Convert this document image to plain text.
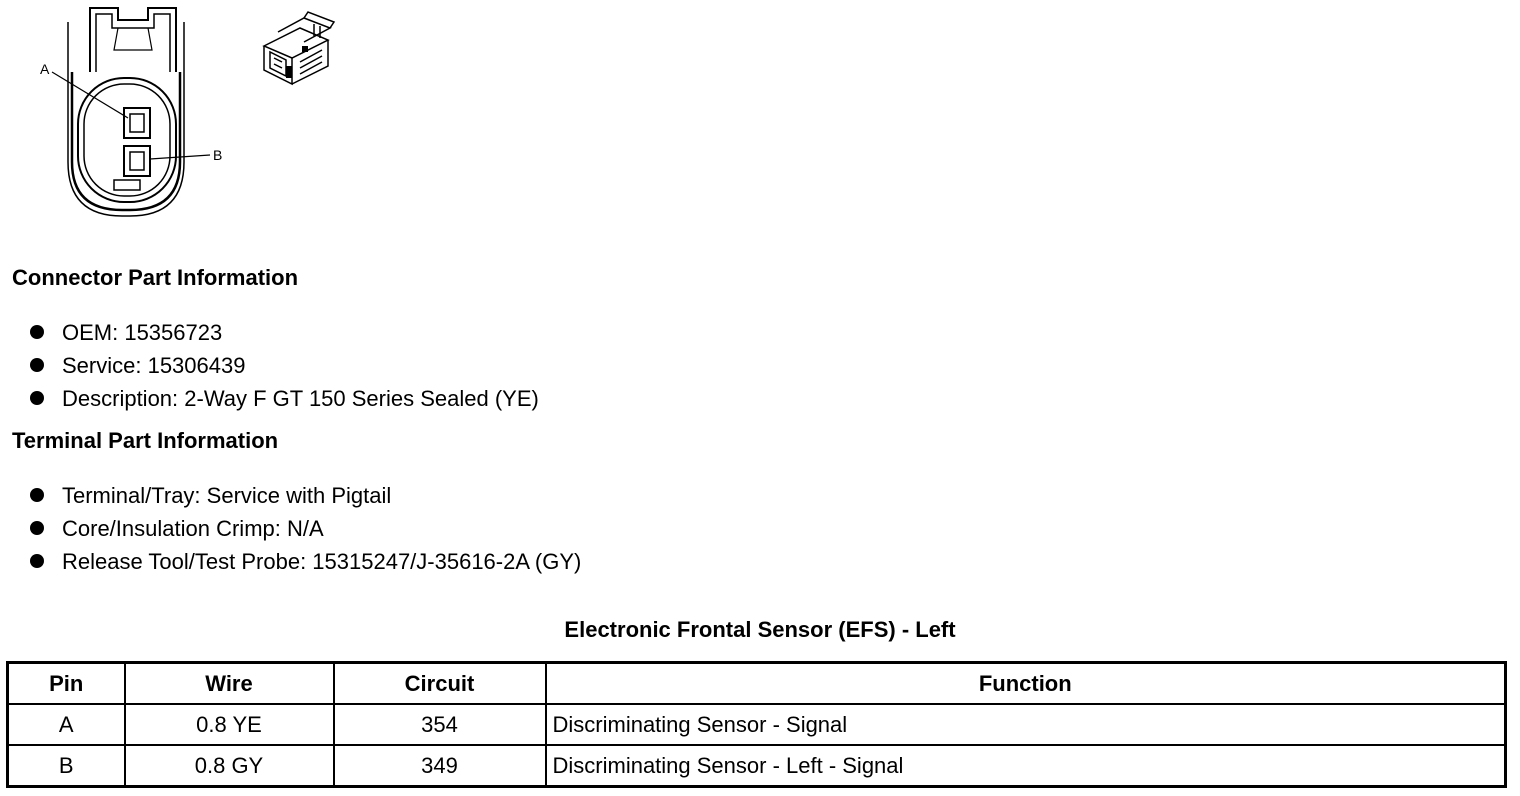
A
B
Connector Part Information
OEM: 15356723
Service: 15306439
Description: 2-Way F GT 150 Series Sealed (YE)
Terminal Part Information
Terminal/Tray: Service with Pigtail
Core/Insulation Crimp: N/A
Release Tool/Test Probe: 15315247/J-35616-2A (GY)
Electronic Frontal Sensor (EFS) - Left
Pin	Wire	Circuit	Function
A	0.8 YE	354	Discriminating Sensor - Signal
B	0.8 GY	349	Discriminating Sensor - Left - Signal
